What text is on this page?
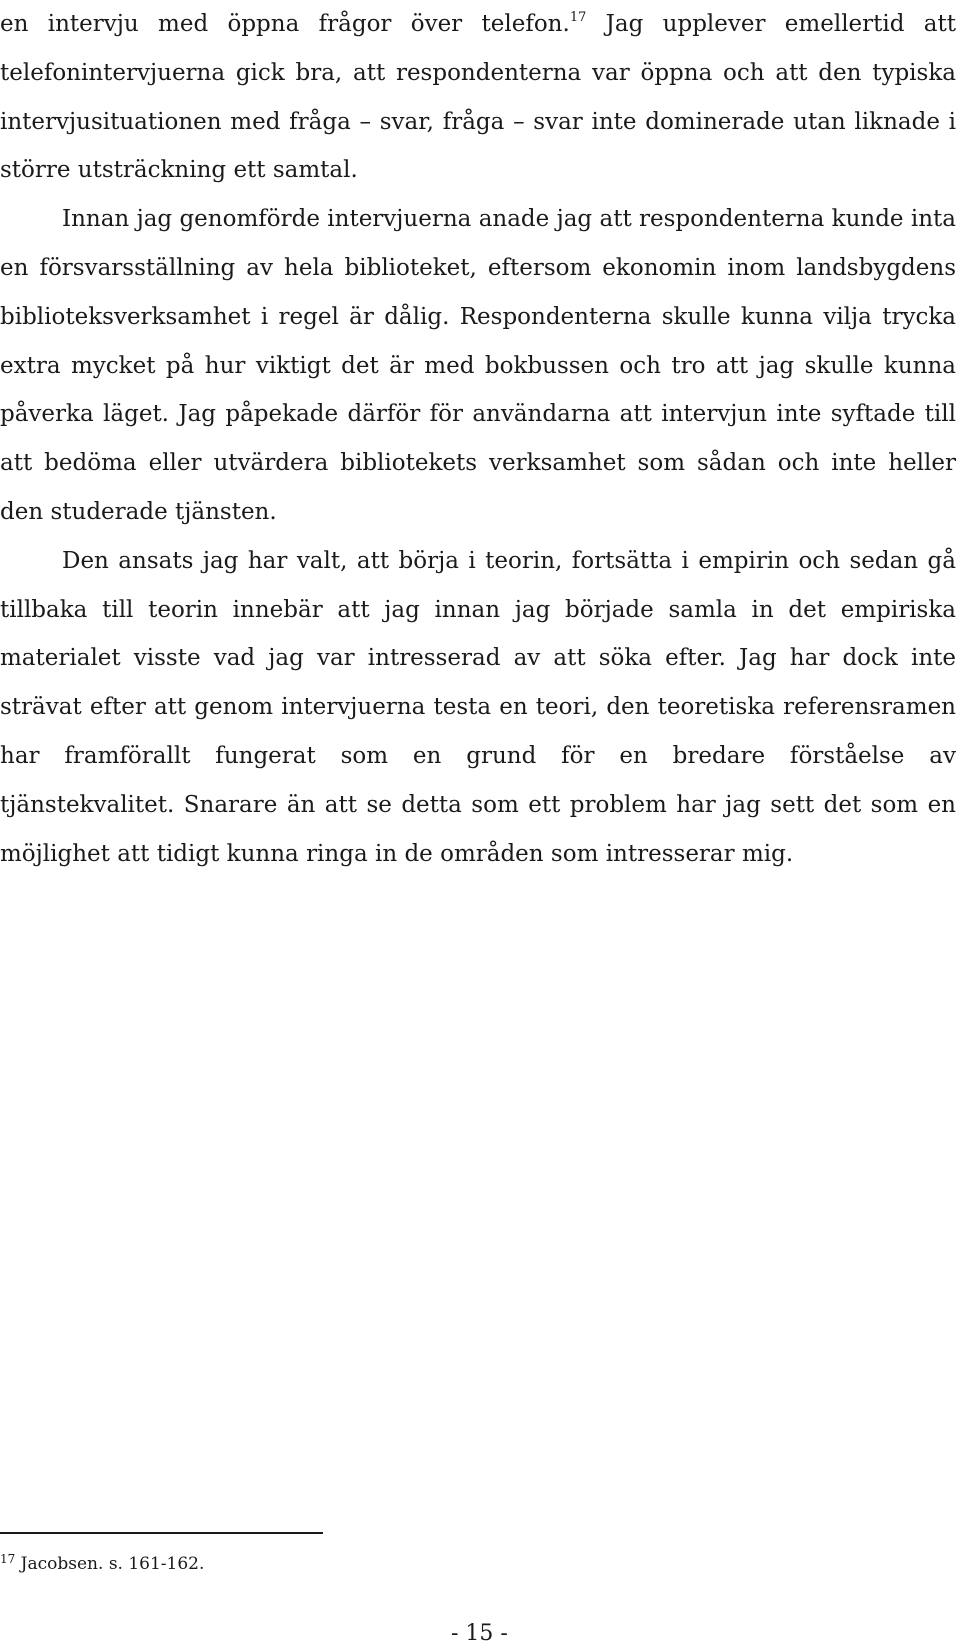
en intervju med öppna frågor över telefon.$^{17}$ Jag upplever emellertid att telefonintervjuerna gick bra, att respondenterna var öppna och att den typiska intervjusituationen med fråga – svar, fråga – svar inte dominerade utan liknade i större utsträckning ett samtal.

Innan jag genomförde intervjuerna anade jag att respondenterna kunde inta en försvarsställning av hela biblioteket, eftersom ekonomin inom landsbygdens biblioteksverksamhet i regel är dålig. Respondenterna skulle kunna vilja trycka extra mycket på hur viktigt det är med bokbussen och tro att jag skulle kunna påverka läget. Jag påpekade därför för användarna att intervjun inte syftade till att bedöma eller utvärdera bibliotekets verksamhet som sådan och inte heller den studerade tjänsten.

Den ansats jag har valt, att börja i teorin, fortsätta i empirin och sedan gå tillbaka till teorin innebär att jag innan jag började samla in det empiriska materialet visste vad jag var intresserad av att söka efter. Jag har dock inte strävat efter att genom intervjuerna testa en teori, den teoretiska referensramen har framförallt fungerat som en grund för en bredare förståelse av tjänstekvalitet. Snarare än att se detta som ett problem har jag sett det som en möjlighet att tidigt kunna ringa in de områden som intresserar mig.

$^{17}$ Jacobsen. s. 161-162.
- 15 -
